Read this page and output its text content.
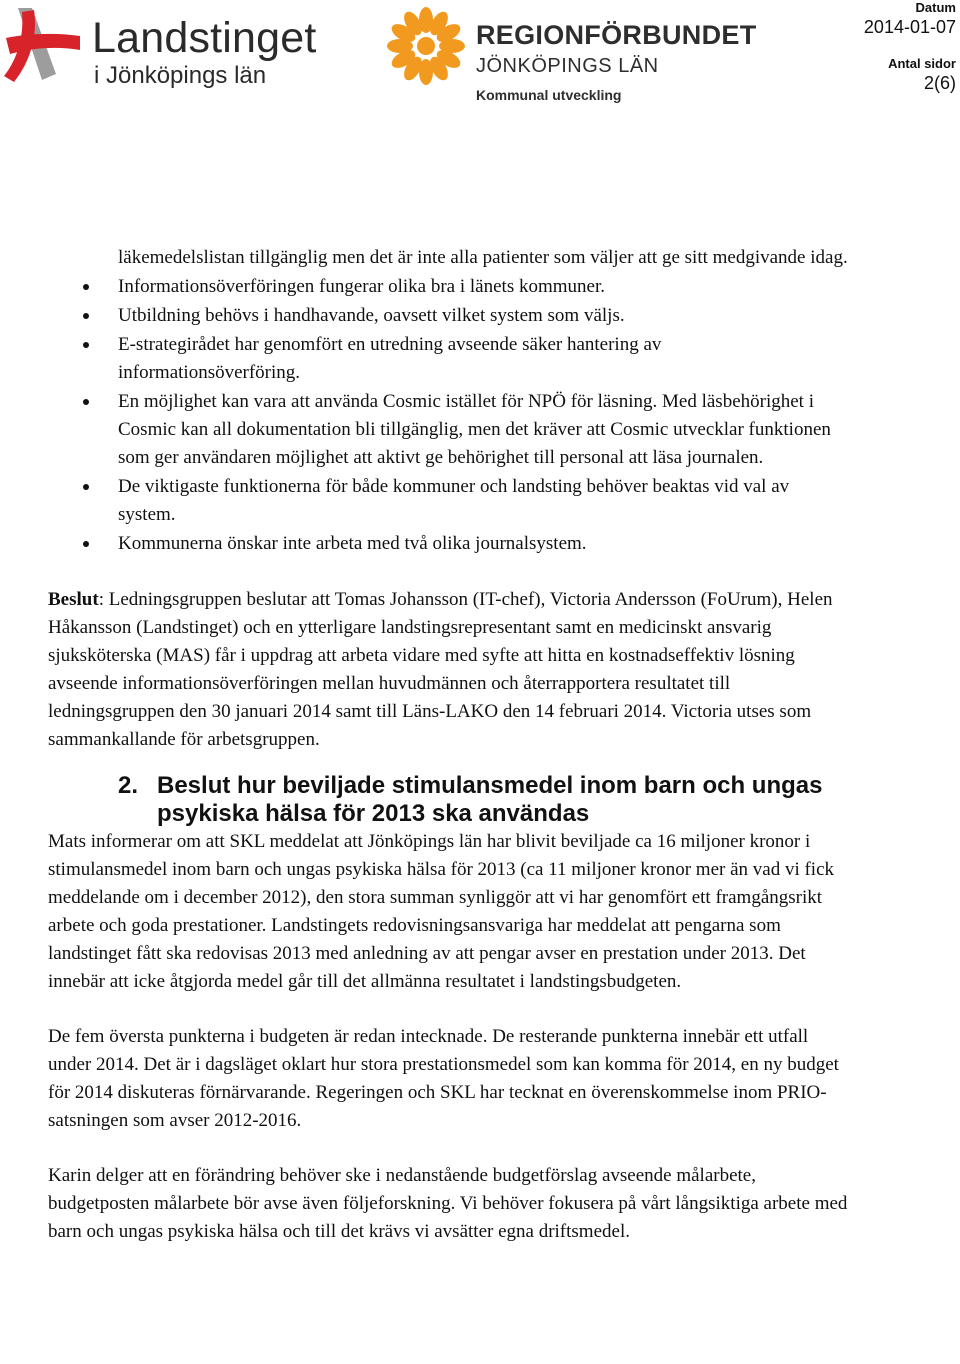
Landstinget

i Jönköpings län

REGIONFÖRBUNDET

JÖNKÖPINGS LÄN

Kommunal utveckling

Datum

2014-01-07

Antal sidor

2(6)

läkemedelslistan tillgänglig men det är inte alla patienter som väljer att ge sitt medgivande idag.
Informationsöverföringen fungerar olika bra i länets kommuner.
Utbildning behövs i handhavande, oavsett vilket system som väljs.
E-strategirådet har genomfört en utredning avseende säker hantering av informationsöverföring.
En möjlighet kan vara att använda Cosmic istället för NPÖ för läsning. Med läsbehörighet i Cosmic kan all dokumentation bli tillgänglig, men det kräver att Cosmic utvecklar funktionen som ger användaren möjlighet att aktivt ge behörighet till personal att läsa journalen.
De viktigaste funktionerna för både kommuner och landsting behöver beaktas vid val av system.
Kommunerna önskar inte arbeta med två olika journalsystem.

Beslut: Ledningsgruppen beslutar att Tomas Johansson (IT-chef), Victoria Andersson (FoUrum), Helen Håkansson (Landstinget) och en ytterligare landstingsrepresentant samt en medicinskt ansvarig sjuksköterska (MAS) får i uppdrag att arbeta vidare med syfte att hitta en kostnadseffektiv lösning avseende informationsöverföringen mellan huvudmännen och återrapportera resultatet till ledningsgruppen den 30 januari 2014 samt till Läns-LAKO den 14 februari 2014. Victoria utses som sammankallande för arbetsgruppen.

2. Beslut hur beviljade stimulansmedel inom barn och ungas psykiska hälsa för 2013 ska användas

Mats informerar om att SKL meddelat att Jönköpings län har blivit beviljade ca 16 miljoner kronor i stimulansmedel inom barn och ungas psykiska hälsa för 2013 (ca 11 miljoner kronor mer än vad vi fick meddelande om i december 2012), den stora summan synliggör att vi har genomfört ett framgångsrikt arbete och goda prestationer. Landstingets redovisningsansvariga har meddelat att pengarna som landstinget fått ska redovisas 2013 med anledning av att pengar avser en prestation under 2013. Det innebär att icke åtgjorda medel går till det allmänna resultatet i landstingsbudgeten.

De fem översta punkterna i budgeten är redan intecknade. De resterande punkterna innebär ett utfall under 2014. Det är i dagsläget oklart hur stora prestationsmedel som kan komma för 2014, en ny budget för 2014 diskuteras förnärvarande. Regeringen och SKL har tecknat en överenskommelse inom PRIO-satsningen som avser 2012-2016.

Karin delger att en förändring behöver ske i nedanstående budgetförslag avseende målarbete, budgetposten målarbete bör avse även följeforskning. Vi behöver fokusera på vårt långsiktiga arbete med barn och ungas psykiska hälsa och till det krävs vi avsätter egna driftsmedel.
